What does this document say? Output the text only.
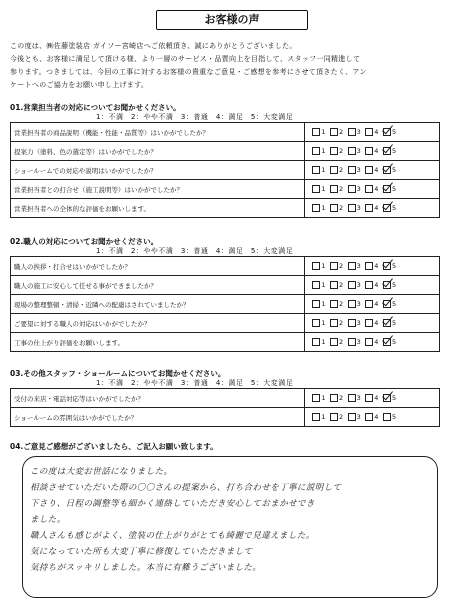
お客様の声
この度は、㈱佐藤塗装店 ガイソー宮崎店へご依頼頂き、誠にありがとうございました。
今後とも、お客様に満足して頂ける様、より一層のサービス・品質向上を目指して、スタッフ一同精進して
参ります。つきましては、今回の工事に対するお客様の貴重なご意見・ご感想を参考にさせて頂きたく、アン
ケートへのご協力をお願い申し上げます。
01.営業担当者の対応についてお聞かせください。
1：不満　2：やや不満　3：普通　4：満足　5：大変満足
営業担当者の商品説明（機能・性能・品質等）はいかがでしたか？	1 2 3 4 5
提案力（塗料、色の選定等）はいかがでしたか？	1 2 3 4 5
ショールームでの対応や説明はいかがでしたか？	1 2 3 4 5
営業担当者との打合せ（施工説明等）はいかがでしたか？	1 2 3 4 5
営業担当者への全体的な評価をお願いします。	1 2 3 4 5
02.職人の対応についてお聞かせください。
1：不満　2：やや不満　3：普通　4：満足　5：大変満足
職人の挨拶・打合せはいかがでしたか？	1 2 3 4 5
職人の施工に安心して任せる事ができましたか？	1 2 3 4 5
現場の整理整頓・清掃・近隣への配慮はされていましたか？	1 2 3 4 5
ご要望に対する職人の対応はいかがでしたか？	1 2 3 4 5
工事の仕上がり評価をお願いします。	1 2 3 4 5
03.その他スタッフ・ショールームについてお聞かせください。
1：不満　2：やや不満　3：普通　4：満足　5：大変満足
受付の来店・電話対応等はいかがでしたか？	1 2 3 4 5
ショールームの雰囲気はいかがでしたか？	1 2 3 4 5
04.ご意見ご感想がございましたら、ご記入お願い致します。
この度は大変お世話になりました。
相談させていただいた際の〇〇さんの提案から、打ち合わせを丁寧に説明して
下さり、日程の調整等も細かく連絡していただき安心しておまかせでき
ました。
職人さんも感じがよく、塗装の仕上がりがとても綺麗で見違えました。
気になっていた所も大変丁寧に修復していただきまして
気持ちがスッキリしました。本当に有難うございました。
